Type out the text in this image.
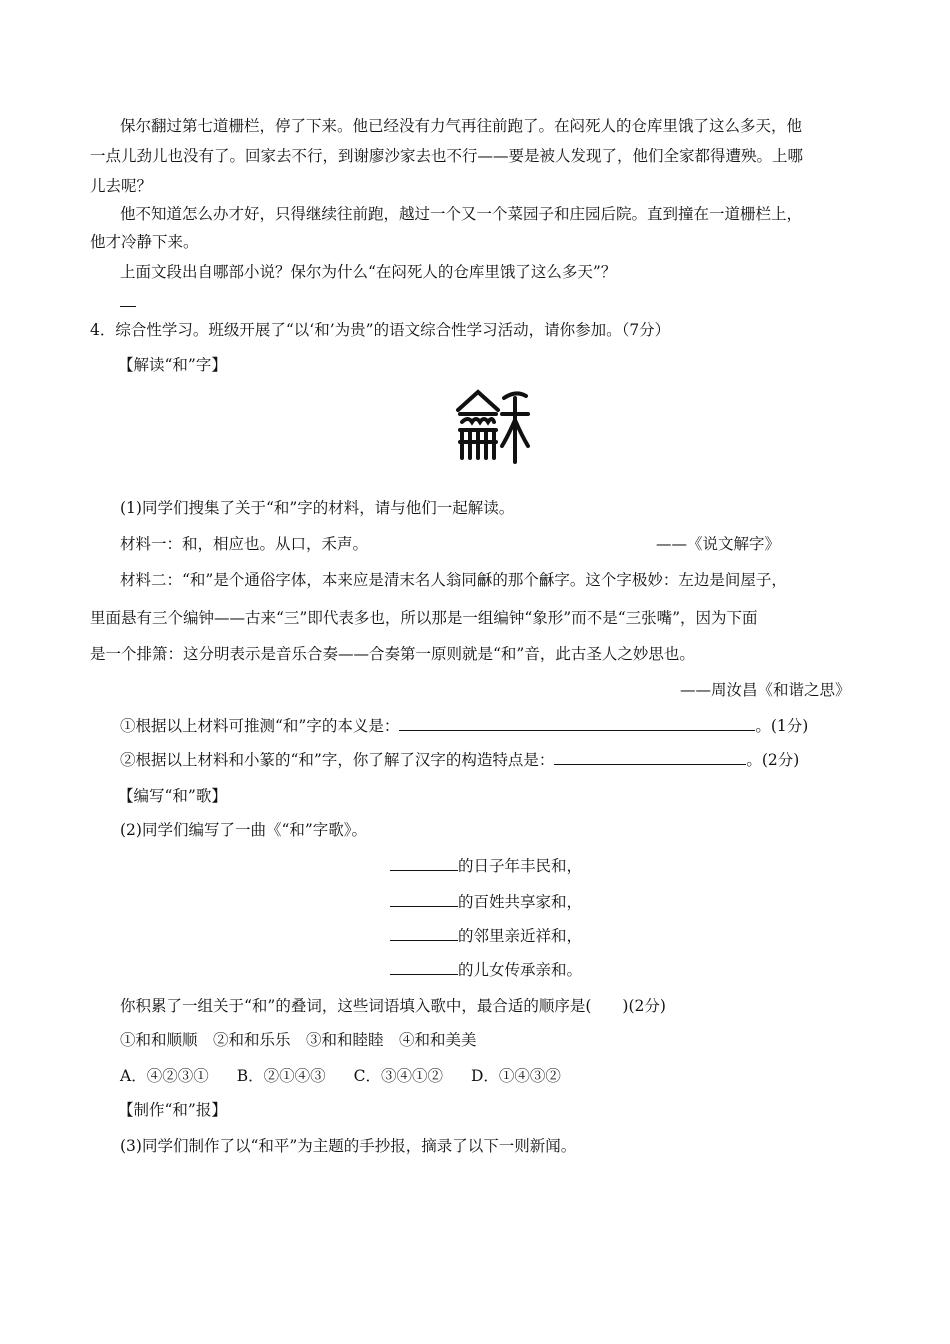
保尔翻过第七道栅栏，停了下来。他已经没有力气再往前跑了。在闷死人的仓库里饿了这么多天，他
一点儿劲儿也没有了。回家去不行，到谢廖沙家去也不行——要是被人发现了，他们全家都得遭殃。上哪
儿去呢？
他不知道怎么办才好，只得继续往前跑，越过一个又一个菜园子和庄园后院。直到撞在一道栅栏上，
他才冷静下来。
上面文段出自哪部小说？保尔为什么“在闷死人的仓库里饿了这么多天”？
4．综合性学习。班级开展了“以‘和’为贵”的语文综合性学习活动，请你参加。（7分）
【解读“和”字】
(1)同学们搜集了关于“和”字的材料，请与他们一起解读。
材料一：和，相应也。从口，禾声。	——《说文解字》
材料二：“和”是个通俗字体，本来应是清末名人翁同龢的那个龢字。这个字极妙：左边是间屋子，
里面悬有三个编钟——古来“三”即代表多也，所以那是一组编钟“象形”而不是“三张嘴”，因为下面
是一个排箫：这分明表示是音乐合奏——合奏第一原则就是“和”音，此古圣人之妙思也。
——周汝昌《和谐之思》
①根据以上材料可推测“和”字的本义是：	。(1分)
②根据以上材料和小篆的“和”字，你了解了汉字的构造特点是：	。(2分)
【编写“和”歌】
(2)同学们编写了一曲《“和”字歌》。
的日子年丰民和，
的百姓共享家和，
的邻里亲近祥和，
的儿女传承亲和。
你积累了一组关于“和”的叠词，这些词语填入歌中，最合适的顺序是(　　)(2分)
①和和顺顺　②和和乐乐　③和和睦睦　④和和美美
A．④②③① B．②①④③ C．③④①② D．①④③②
【制作“和”报】
(3)同学们制作了以“和平”为主题的手抄报，摘录了以下一则新闻。
